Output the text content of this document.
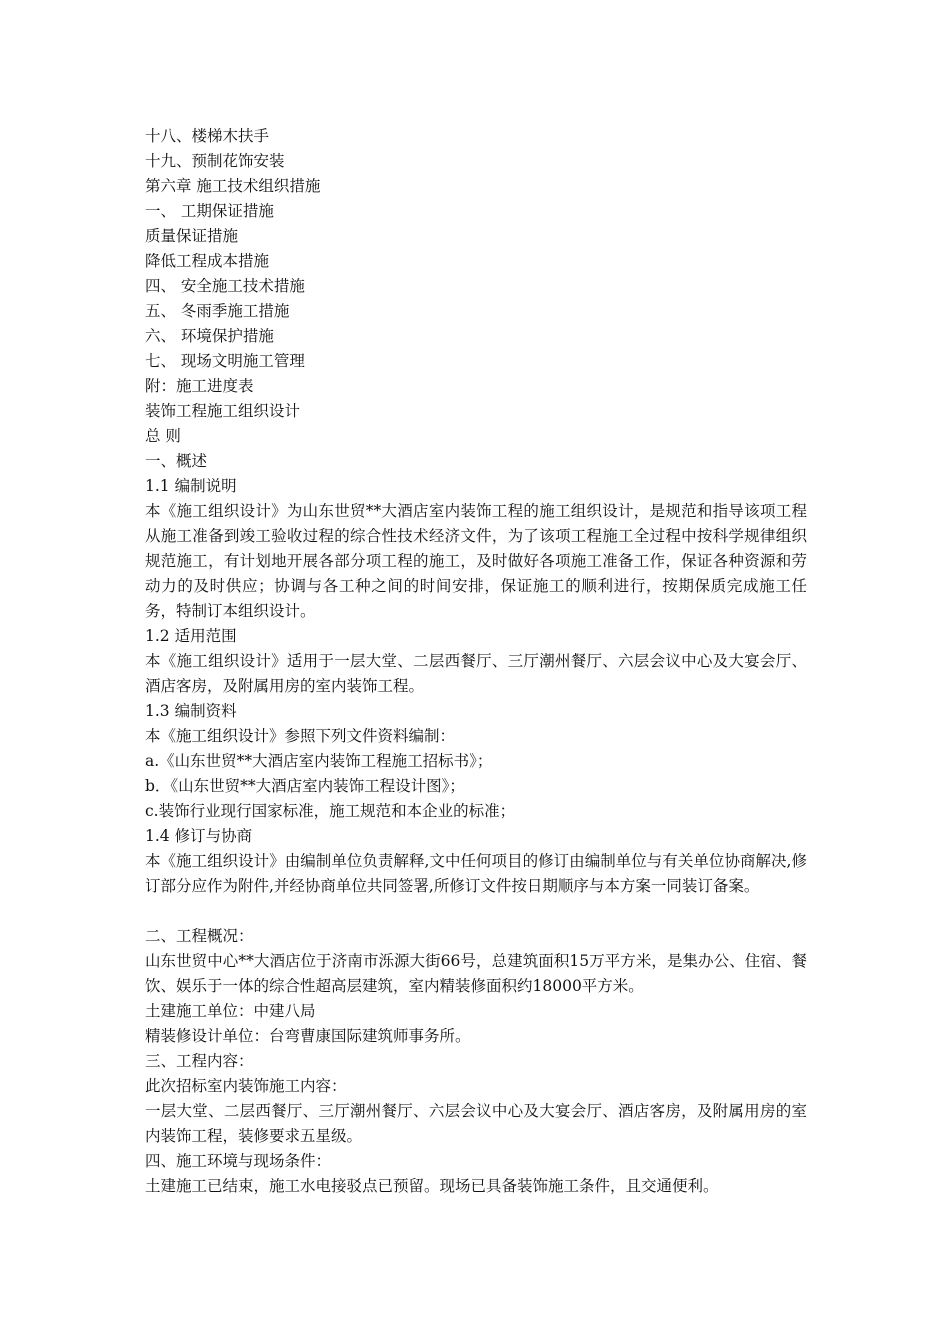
十八、楼梯木扶手

十九、预制花饰安装

第六章 施工技术组织措施

一、 工期保证措施

质量保证措施

降低工程成本措施

四、 安全施工技术措施

五、 冬雨季施工措施

六、 环境保护措施

七、 现场文明施工管理

附：施工进度表

装饰工程施工组织设计

总 则

一、概述

1.1 编制说明

本《施工组织设计》为山东世贸**大酒店室内装饰工程的施工组织设计，是规范和指导该项工程从施工准备到竣工验收过程的综合性技术经济文件，为了该项工程施工全过程中按科学规律组织规范施工，有计划地开展各部分项工程的施工，及时做好各项施工准备工作，保证各种资源和劳动力的及时供应；协调与各工种之间的时间安排，保证施工的顺利进行，按期保质完成施工任务，特制订本组织设计。

1.2 适用范围

本《施工组织设计》适用于一层大堂、二层西餐厅、三厅潮州餐厅、六层会议中心及大宴会厅、酒店客房，及附属用房的室内装饰工程。

1.3 编制资料

本《施工组织设计》参照下列文件资料编制：

a.《山东世贸**大酒店室内装饰工程施工招标书》；

b．《山东世贸**大酒店室内装饰工程设计图》；

c.装饰行业现行国家标准，施工规范和本企业的标准；

1.4 修订与协商

本《施工组织设计》由编制单位负责解释,文中任何项目的修订由编制单位与有关单位协商解决,修订部分应作为附件,并经协商单位共同签署,所修订文件按日期顺序与本方案一同装订备案。

二、工程概况：

山东世贸中心**大酒店位于济南市泺源大街66号，总建筑面积15万平方米，是集办公、住宿、餐饮、娱乐于一体的综合性超高层建筑，室内精装修面积约18000平方米。

土建施工单位：中建八局

精装修设计单位：台弯曹康国际建筑师事务所。

三、工程内容：

此次招标室内装饰施工内容：

一层大堂、二层西餐厅、三厅潮州餐厅、六层会议中心及大宴会厅、酒店客房，及附属用房的室内装饰工程，装修要求五星级。

四、施工环境与现场条件：

土建施工已结束，施工水电接驳点已预留。现场已具备装饰施工条件，且交通便利。
